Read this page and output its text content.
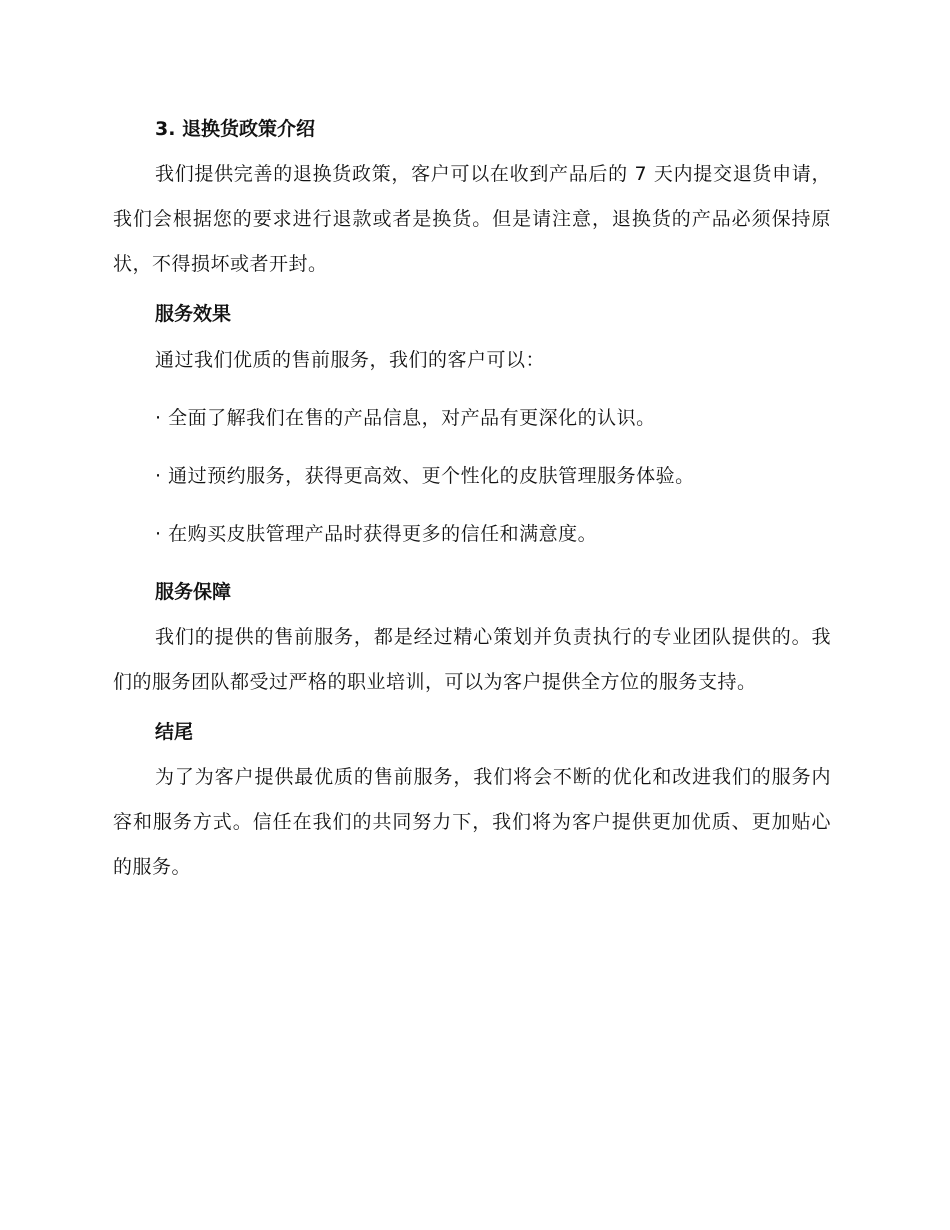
3. 退换货政策介绍

我们提供完善的退换货政策，客户可以在收到产品后的 7 天内提交退货申请，我们会根据您的要求进行退款或者是换货。但是请注意，退换货的产品必须保持原状，不得损坏或者开封。

服务效果
通过我们优质的售前服务，我们的客户可以：
· 全面了解我们在售的产品信息，对产品有更深化的认识。
· 通过预约服务，获得更高效、更个性化的皮肤管理服务体验。
· 在购买皮肤管理产品时获得更多的信任和满意度。
服务保障

我们的提供的售前服务，都是经过精心策划并负责执行的专业团队提供的。我们的服务团队都受过严格的职业培训，可以为客户提供全方位的服务支持。

结尾

为了为客户提供最优质的售前服务，我们将会不断的优化和改进我们的服务内容和服务方式。信任在我们的共同努力下，我们将为客户提供更加优质、更加贴心的服务。
